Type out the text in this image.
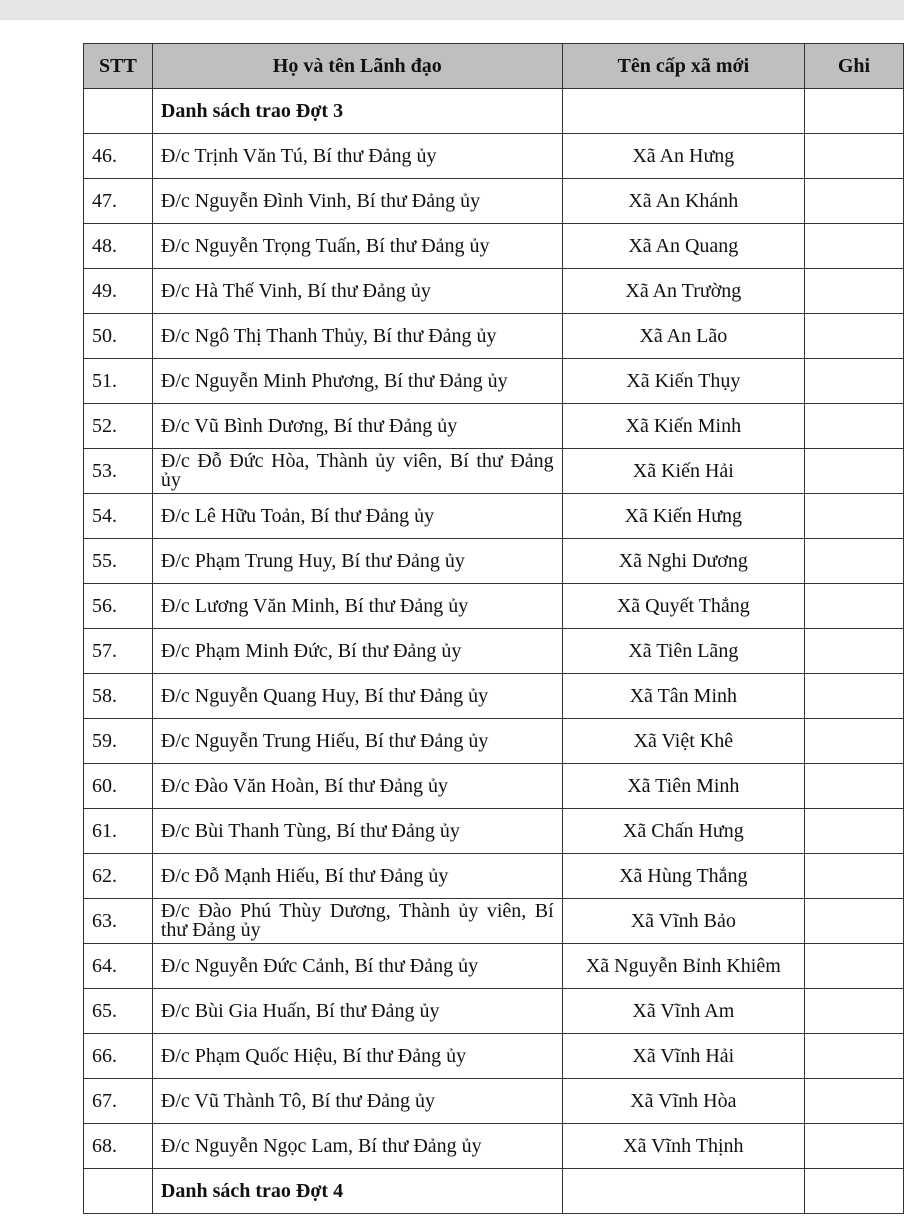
STT	Họ và tên Lãnh đạo	Tên cấp xã mới	Ghi
	Danh sách trao Đợt 3		
46.	Đ/c Trịnh Văn Tú, Bí thư Đảng ủy	Xã An Hưng	
47.	Đ/c Nguyễn Đình Vinh, Bí thư Đảng ủy	Xã An Khánh	
48.	Đ/c Nguyễn Trọng Tuấn, Bí thư Đảng ủy	Xã An Quang	
49.	Đ/c Hà Thế Vinh, Bí thư Đảng ủy	Xã An Trường	
50.	Đ/c Ngô Thị Thanh Thủy, Bí thư Đảng ủy	Xã An Lão	
51.	Đ/c Nguyễn Minh Phương, Bí thư Đảng ủy	Xã Kiến Thụy	
52.	Đ/c Vũ Bình Dương, Bí thư Đảng ủy	Xã Kiến Minh	
53.	Đ/c Đỗ Đức Hòa, Thành ủy viên, Bí thư Đảng ủy	Xã Kiến Hải	
54.	Đ/c Lê Hữu Toản, Bí thư Đảng ủy	Xã Kiến Hưng	
55.	Đ/c Phạm Trung Huy, Bí thư Đảng ủy	Xã Nghi Dương	
56.	Đ/c Lương Văn Minh, Bí thư Đảng ủy	Xã Quyết Thắng	
57.	Đ/c Phạm Minh Đức, Bí thư Đảng ủy	Xã Tiên Lãng	
58.	Đ/c Nguyễn Quang Huy, Bí thư Đảng ủy	Xã Tân Minh	
59.	Đ/c Nguyễn Trung Hiếu, Bí thư Đảng ủy	Xã Việt Khê	
60.	Đ/c Đào Văn Hoàn, Bí thư Đảng ủy	Xã Tiên Minh	
61.	Đ/c Bùi Thanh Tùng, Bí thư Đảng ủy	Xã Chấn Hưng	
62.	Đ/c Đỗ Mạnh Hiếu, Bí thư Đảng ủy	Xã Hùng Thắng	
63.	Đ/c Đào Phú Thùy Dương, Thành ủy viên, Bí thư Đảng ủy	Xã Vĩnh Bảo	
64.	Đ/c Nguyễn Đức Cảnh, Bí thư Đảng ủy	Xã Nguyễn Bỉnh Khiêm	
65.	Đ/c Bùi Gia Huấn, Bí thư Đảng ủy	Xã Vĩnh Am	
66.	Đ/c Phạm Quốc Hiệu, Bí thư Đảng ủy	Xã Vĩnh Hải	
67.	Đ/c Vũ Thành Tô, Bí thư Đảng ủy	Xã Vĩnh Hòa	
68.	Đ/c Nguyễn Ngọc Lam, Bí thư Đảng ủy	Xã Vĩnh Thịnh	
	Danh sách trao Đợt 4		
